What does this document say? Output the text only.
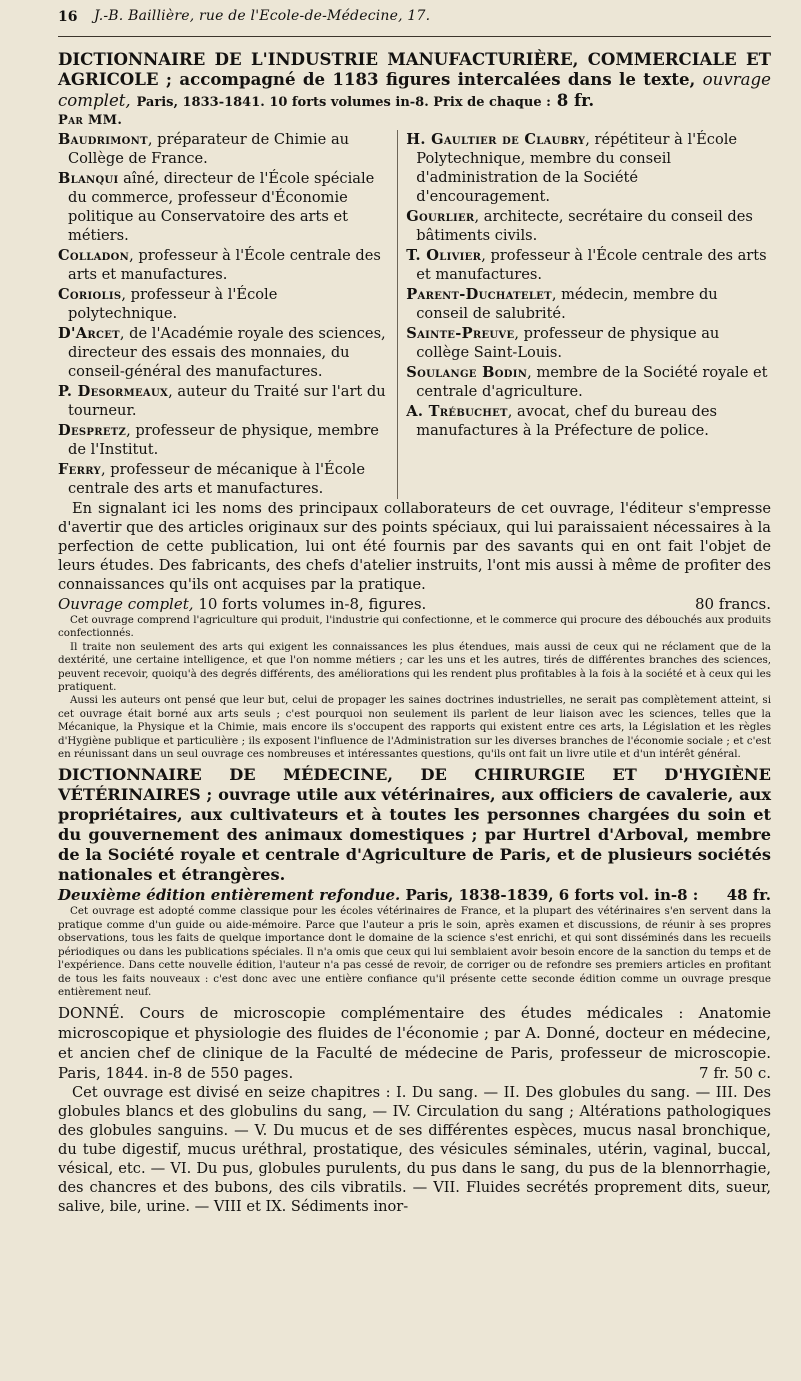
16 J.-B. Baillière, rue de l'Ecole-de-Médecine, 17.
DICTIONNAIRE DE L'INDUSTRIE MANUFACTURIÈRE, COMMERCIALE ET AGRICOLE ; accompagné de 1183 figures intercalées dans le texte, ouvrage complet, Paris, 1833-1841. 10 forts volumes in-8. Prix de chaque : 8 fr.
Par MM.

Baudrimont, préparateur de Chimie au Collège de France.

Blanqui aîné, directeur de l'École spéciale du commerce, professeur d'Économie politique au Conservatoire des arts et métiers.

Colladon, professeur à l'École centrale des arts et manufactures.

Coriolis, professeur à l'École polytechnique.

D'Arcet, de l'Académie royale des sciences, directeur des essais des monnaies, du conseil-général des manufactures.

P. Desormeaux, auteur du Traité sur l'art du tourneur.

Despretz, professeur de physique, membre de l'Institut.

Ferry, professeur de mécanique à l'École centrale des arts et manufactures.

H. Gaultier de Claubry, répétiteur à l'École Polytechnique, membre du conseil d'administration de la Société d'encouragement.

Gourlier, architecte, secrétaire du conseil des bâtiments civils.

T. Olivier, professeur à l'École centrale des arts et manufactures.

Parent-Duchatelet, médecin, membre du conseil de salubrité.

Sainte-Preuve, professeur de physique au collège Saint-Louis.

Soulange Bodin, membre de la Société royale et centrale d'agriculture.

A. Trébuchet, avocat, chef du bureau des manufactures à la Préfecture de police.

En signalant ici les noms des principaux collaborateurs de cet ouvrage, l'éditeur s'empresse d'avertir que des articles originaux sur des points spéciaux, qui lui paraissaient nécessaires à la perfection de cette publication, lui ont été fournis par des savants qui en ont fait l'objet de leurs études. Des fabricants, des chefs d'atelier instruits, l'ont mis aussi à même de profiter des connaissances qu'ils ont acquises par la pratique.

Ouvrage complet, 10 forts volumes in-8, figures.	80 francs.

Cet ouvrage comprend l'agriculture qui produit, l'industrie qui confectionne, et le commerce qui procure des débouchés aux produits confectionnés.

Il traite non seulement des arts qui exigent les connaissances les plus étendues, mais aussi de ceux qui ne réclament que de la dextérité, une certaine intelligence, et que l'on nomme métiers ; car les uns et les autres, tirés de différentes branches des sciences, peuvent recevoir, quoiqu'à des degrés différents, des améliorations qui les rendent plus profitables à la fois à la société et à ceux qui les pratiquent.

Aussi les auteurs ont pensé que leur but, celui de propager les saines doctrines industrielles, ne serait pas complètement atteint, si cet ouvrage était borné aux arts seuls ; c'est pourquoi non seulement ils parlent de leur liaison avec les sciences, telles que la Mécanique, la Physique et la Chimie, mais encore ils s'occupent des rapports qui existent entre ces arts, la Législation et les règles d'Hygiène publique et particulière ; ils exposent l'influence de l'Administration sur les diverses branches de l'économie sociale ; et c'est en réunissant dans un seul ouvrage ces nombreuses et intéressantes questions, qu'ils ont fait un livre utile et d'un intérêt général.

DICTIONNAIRE DE MÉDECINE, DE CHIRURGIE ET D'HYGIÈNE VÉTÉRINAIRES ; ouvrage utile aux vétérinaires, aux officiers de cavalerie, aux propriétaires, aux cultivateurs et à toutes les personnes chargées du soin et du gouvernement des animaux domestiques ; par Hurtrel d'Arboval, membre de la Société royale et centrale d'Agriculture de Paris, et de plusieurs sociétés nationales et étrangères.
Deuxième édition entièrement refondue. Paris, 1838-1839, 6 forts vol. in-8 : 48 fr.

Cet ouvrage est adopté comme classique pour les écoles vétérinaires de France, et la plupart des vétérinaires s'en servent dans la pratique comme d'un guide ou aide-mémoire. Parce que l'auteur a pris le soin, après examen et discussions, de réunir à ses propres observations, tous les faits de quelque importance dont le domaine de la science s'est enrichi, et qui sont disséminés dans les recueils périodiques ou dans les publications spéciales. Il n'a omis que ceux qui lui semblaient avoir besoin encore de la sanction du temps et de l'expérience. Dans cette nouvelle édition, l'auteur n'a pas cessé de revoir, de corriger ou de refondre ses premiers articles en profitant de tous les faits nouveaux : c'est donc avec une entière confiance qu'il présente cette seconde édition comme un ouvrage presque entièrement neuf.

DONNÉ. Cours de microscopie complémentaire des études médicales : Anatomie microscopique et physiologie des fluides de l'économie ; par A. Donné, docteur en médecine, et ancien chef de clinique de la Faculté de médecine de Paris, professeur de microscopie. Paris, 1844. in-8 de 550 pages.	7 fr. 50 c.

Cet ouvrage est divisé en seize chapitres : I. Du sang. — II. Des globules du sang. — III. Des globules blancs et des globulins du sang, — IV. Circulation du sang ; Altérations pathologiques des globules sanguins. — V. Du mucus et de ses différentes espèces, mucus nasal bronchique, du tube digestif, mucus uréthral, prostatique, des vésicules séminales, utérin, vaginal, buccal, vésical, etc. — VI. Du pus, globules purulents, du pus dans le sang, du pus de la blennorrhagie, des chancres et des bubons, des cils vibratils. — VII. Fluides secrétés proprement dits, sueur, salive, bile, urine. — VIII et IX. Sédiments inor-
